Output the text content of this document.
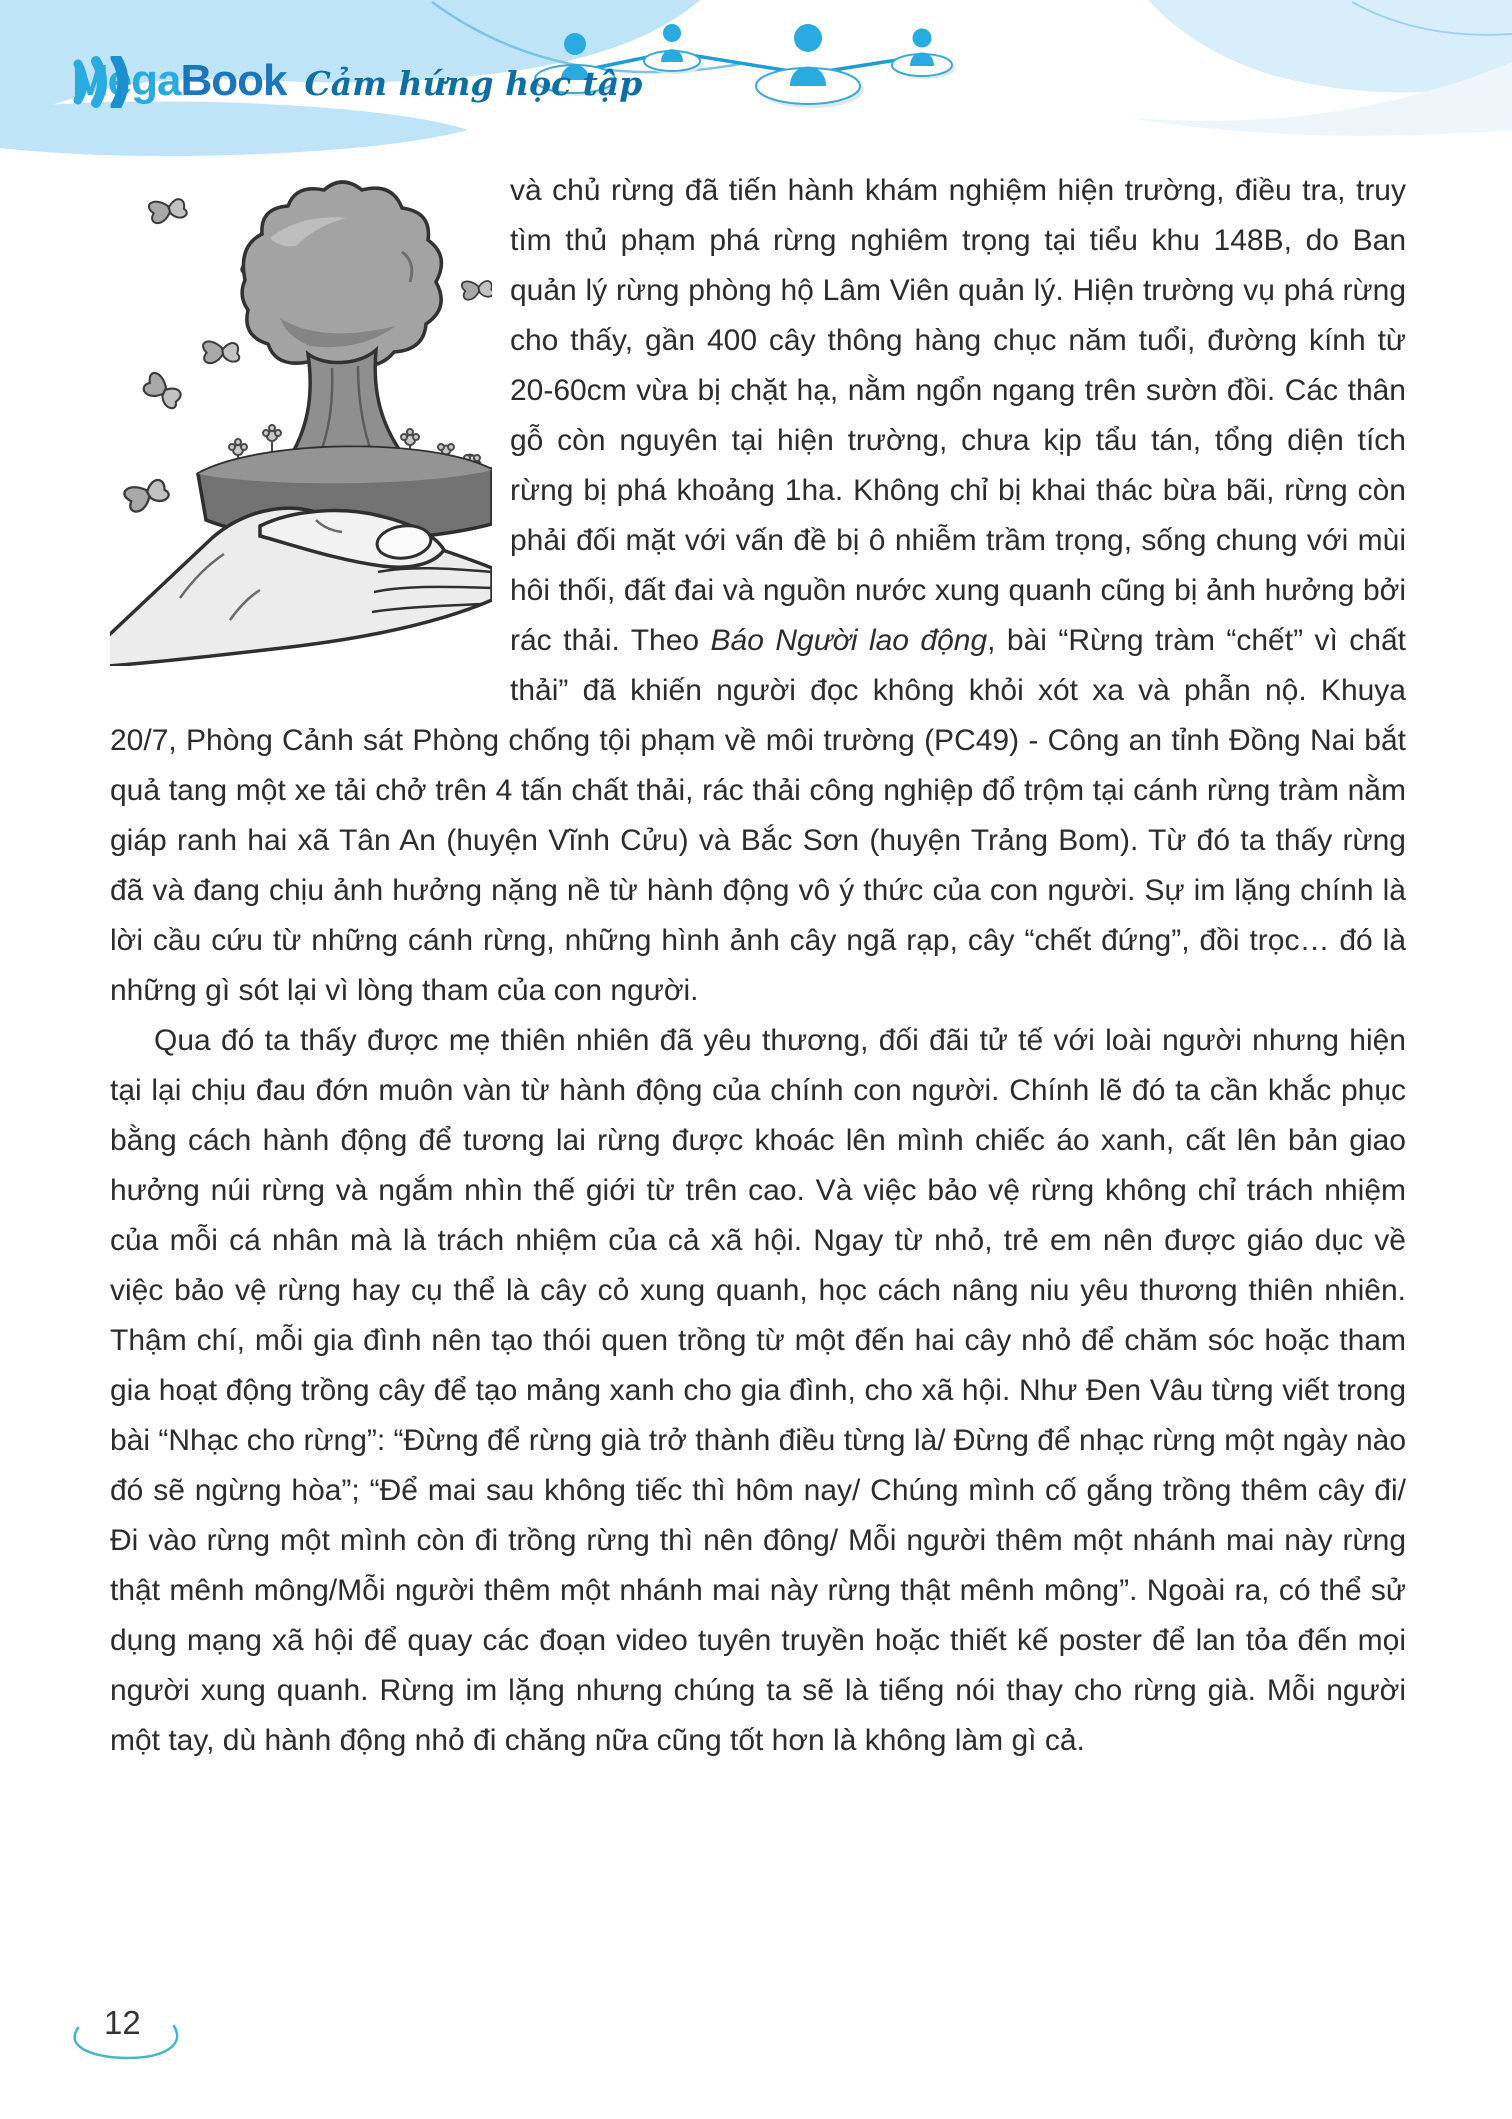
Mega Book Cảm hứng học tập

và chủ rừng đã tiến hành khám nghiệm hiện trường, điều tra, truy tìm thủ phạm phá rừng nghiêm trọng tại tiểu khu 148B, do Ban quản lý rừng phòng hộ Lâm Viên quản lý. Hiện trường vụ phá rừng cho thấy, gần 400 cây thông hàng chục năm tuổi, đường kính từ 20-60cm vừa bị chặt hạ, nằm ngổn ngang trên sườn đồi. Các thân gỗ còn nguyên tại hiện trường, chưa kịp tẩu tán, tổng diện tích rừng bị phá khoảng 1ha. Không chỉ bị khai thác bừa bãi, rừng còn phải đối mặt với vấn đề bị ô nhiễm trầm trọng, sống chung với mùi hôi thối, đất đai và nguồn nước xung quanh cũng bị ảnh hưởng bởi rác thải. Theo Báo Người lao động, bài “Rừng tràm “chết” vì chất thải” đã khiến người đọc không khỏi xót xa và phẫn nộ. Khuya 20/7, Phòng Cảnh sát Phòng chống tội phạm về môi trường (PC49) - Công an tỉnh Đồng Nai bắt quả tang một xe tải chở trên 4 tấn chất thải, rác thải công nghiệp đổ trộm tại cánh rừng tràm nằm giáp ranh hai xã Tân An (huyện Vĩnh Cửu) và Bắc Sơn (huyện Trảng Bom). Từ đó ta thấy rừng đã và đang chịu ảnh hưởng nặng nề từ hành động vô ý thức của con người. Sự im lặng chính là lời cầu cứu từ những cánh rừng, những hình ảnh cây ngã rạp, cây “chết đứng”, đồi trọc… đó là những gì sót lại vì lòng tham của con người.

Qua đó ta thấy được mẹ thiên nhiên đã yêu thương, đối đãi tử tế với loài người nhưng hiện tại lại chịu đau đớn muôn vàn từ hành động của chính con người. Chính lẽ đó ta cần khắc phục bằng cách hành động để tương lai rừng được khoác lên mình chiếc áo xanh, cất lên bản giao hưởng núi rừng và ngắm nhìn thế giới từ trên cao. Và việc bảo vệ rừng không chỉ trách nhiệm của mỗi cá nhân mà là trách nhiệm của cả xã hội. Ngay từ nhỏ, trẻ em nên được giáo dục về việc bảo vệ rừng hay cụ thể là cây cỏ xung quanh, học cách nâng niu yêu thương thiên nhiên. Thậm chí, mỗi gia đình nên tạo thói quen trồng từ một đến hai cây nhỏ để chăm sóc hoặc tham gia hoạt động trồng cây để tạo mảng xanh cho gia đình, cho xã hội. Như Đen Vâu từng viết trong bài “Nhạc cho rừng”: “Đừng để rừng già trở thành điều từng là/ Đừng để nhạc rừng một ngày nào đó sẽ ngừng hòa”; “Để mai sau không tiếc thì hôm nay/ Chúng mình cố gắng trồng thêm cây đi/ Đi vào rừng một mình còn đi trồng rừng thì nên đông/ Mỗi người thêm một nhánh mai này rừng thật mênh mông/Mỗi người thêm một nhánh mai này rừng thật mênh mông”. Ngoài ra, có thể sử dụng mạng xã hội để quay các đoạn video tuyên truyền hoặc thiết kế poster để lan tỏa đến mọi người xung quanh. Rừng im lặng nhưng chúng ta sẽ là tiếng nói thay cho rừng già. Mỗi người một tay, dù hành động nhỏ đi chăng nữa cũng tốt hơn là không làm gì cả.

12
